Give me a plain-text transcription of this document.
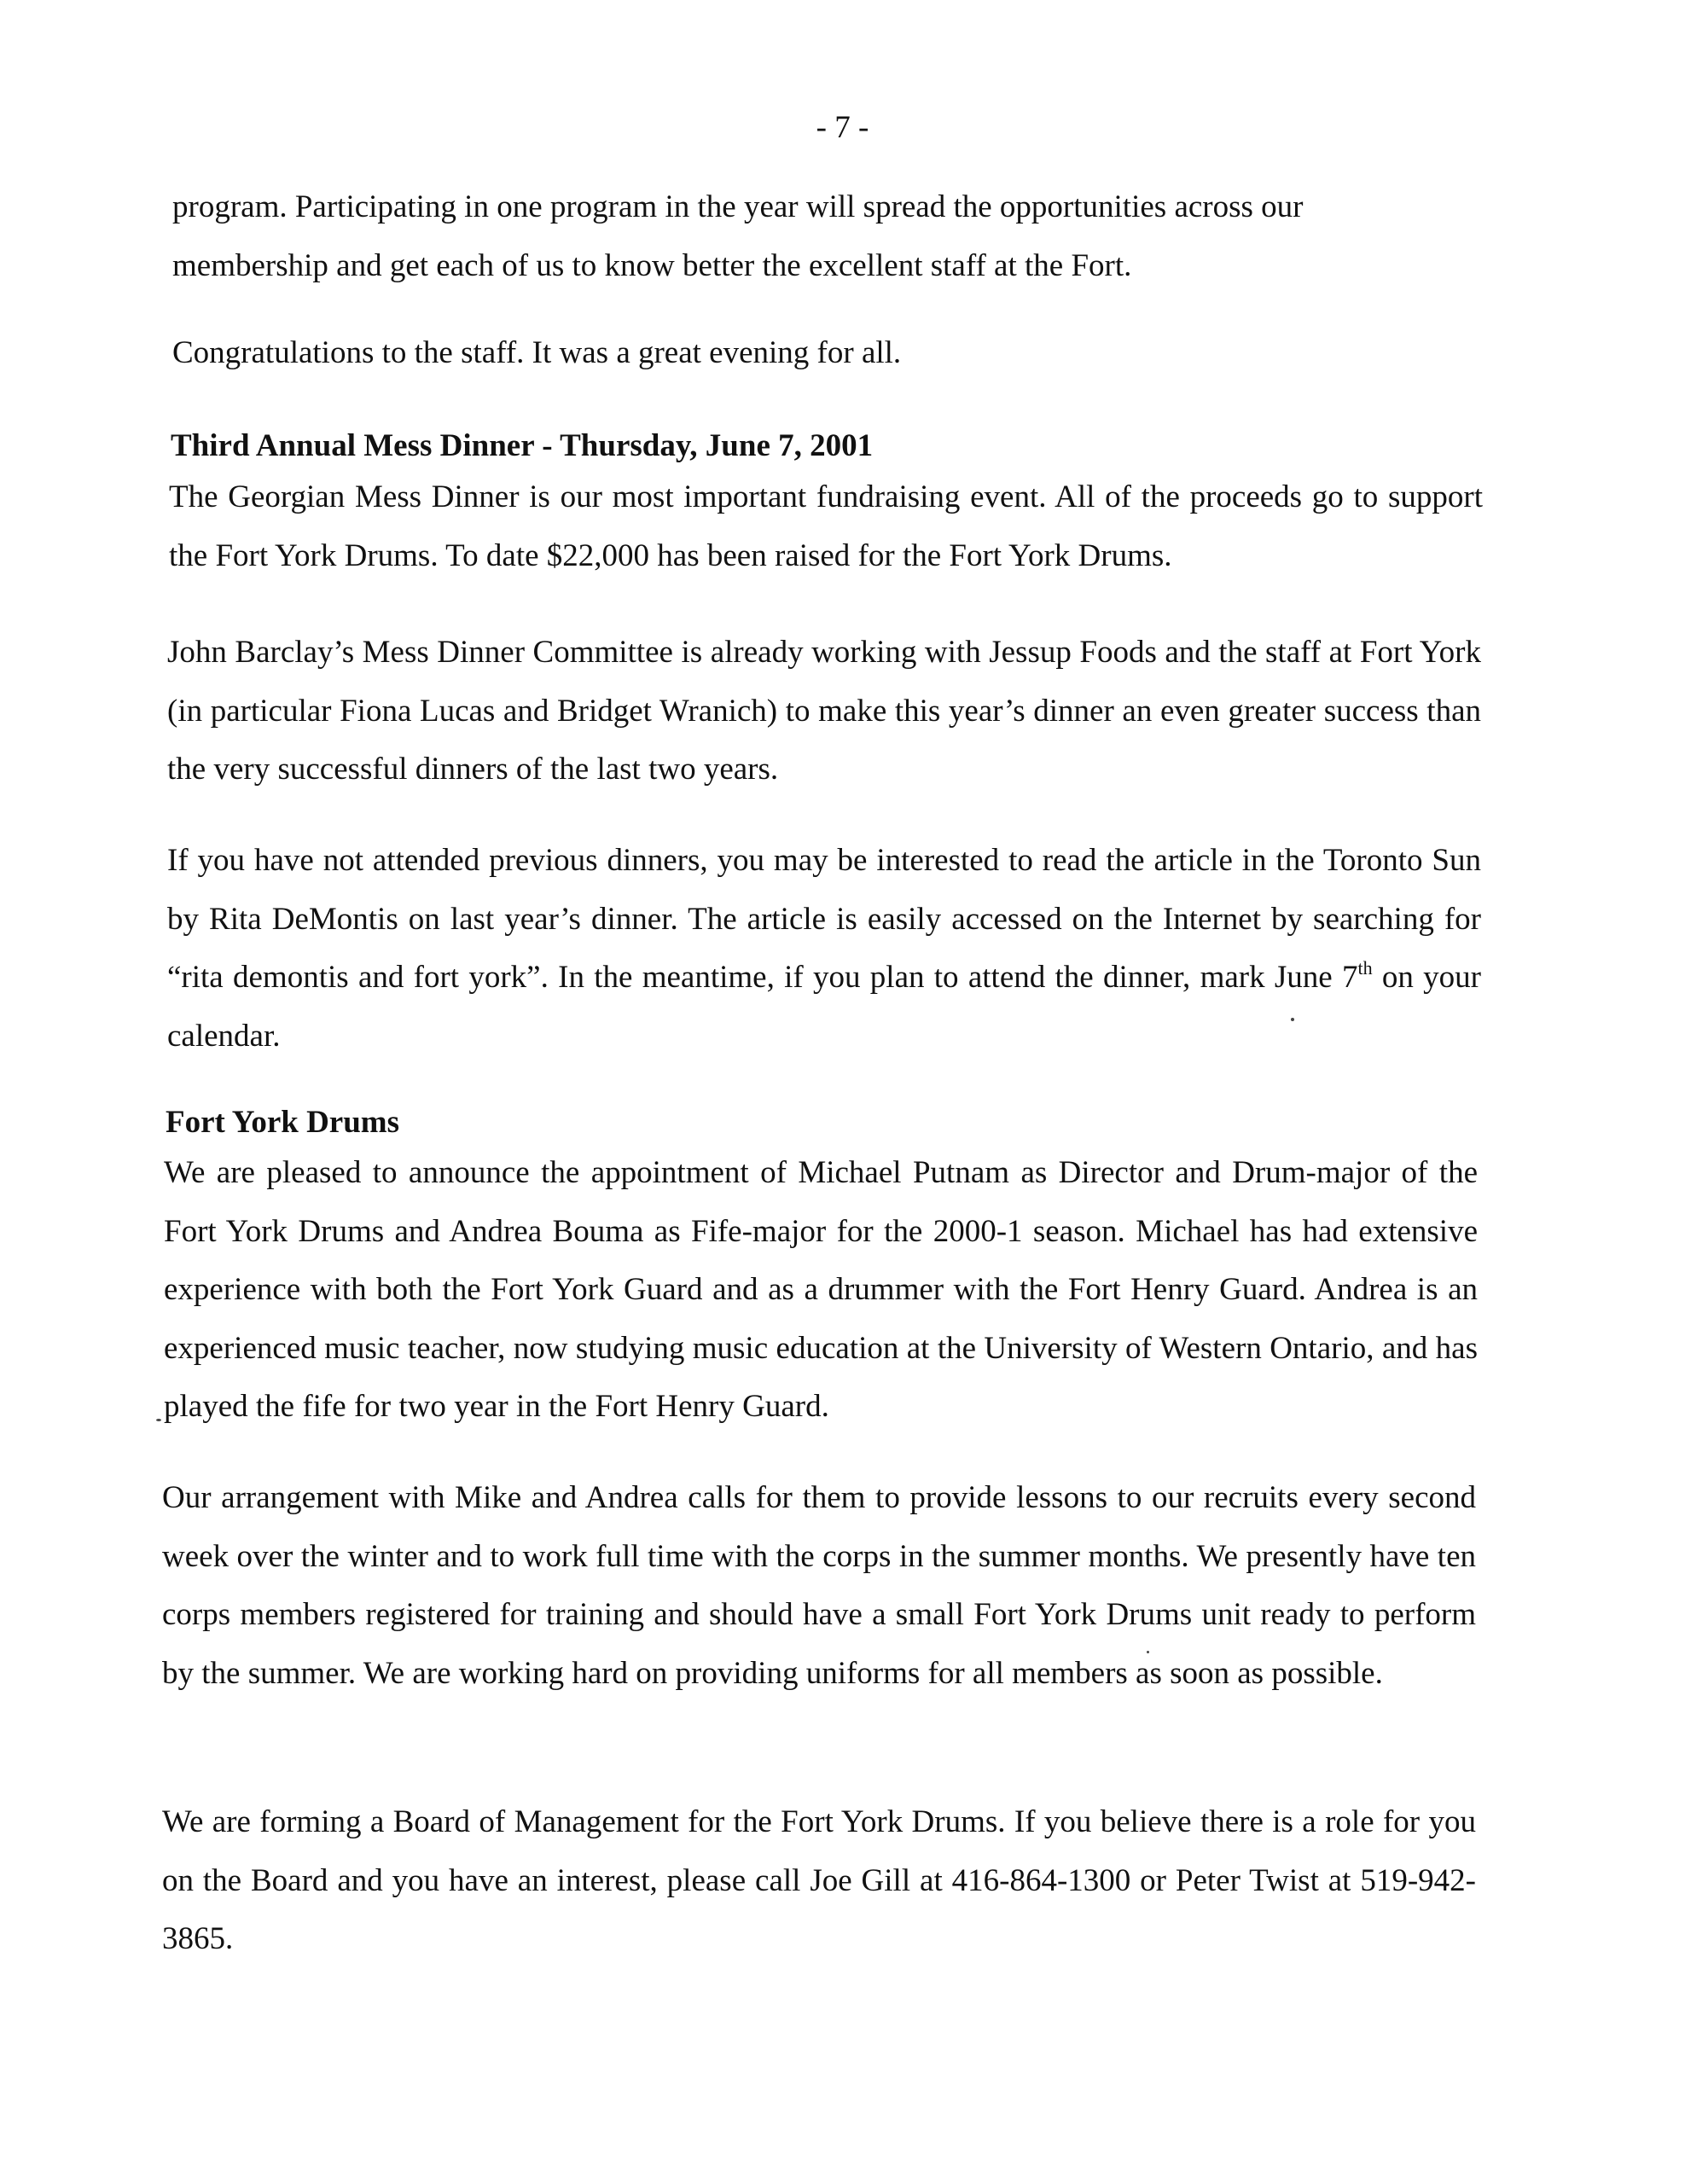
- 7 -

program. Participating in one program in the year will spread the opportunities across our
membership and get each of us to know better the excellent staff at the Fort.

Congratulations to the staff. It was a great evening for all.

Third Annual Mess Dinner - Thursday, June 7, 2001

The Georgian Mess Dinner is our most important fundraising event. All of the proceeds go to support the Fort York Drums. To date $22,000 has been raised for the Fort York Drums.

John Barclay’s Mess Dinner Committee is already working with Jessup Foods and the staff at Fort York (in particular Fiona Lucas and Bridget Wranich) to make this year’s dinner an even greater success than the very successful dinners of the last two years.

If you have not attended previous dinners, you may be interested to read the article in the Toronto Sun by Rita DeMontis on last year’s dinner. The article is easily accessed on the Internet by searching for “rita demontis and fort york”. In the meantime, if you plan to attend the dinner, mark June 7th on your calendar.

Fort York Drums

We are pleased to announce the appointment of Michael Putnam as Director and Drum-major of the Fort York Drums and Andrea Bouma as Fife-major for the 2000-1 season. Michael has had extensive experience with both the Fort York Guard and as a drummer with the Fort Henry Guard. Andrea is an experienced music teacher, now studying music education at the University of Western Ontario, and has played the fife for two year in the Fort Henry Guard.

Our arrangement with Mike and Andrea calls for them to provide lessons to our recruits every second week over the winter and to work full time with the corps in the summer months. We presently have ten corps members registered for training and should have a small Fort York Drums unit ready to perform by the summer. We are working hard on providing uniforms for all members as soon as possible.

We are forming a Board of Management for the Fort York Drums. If you believe there is a role for you on the Board and you have an interest, please call Joe Gill at 416-864-1300 or Peter Twist at 519-942-3865.
